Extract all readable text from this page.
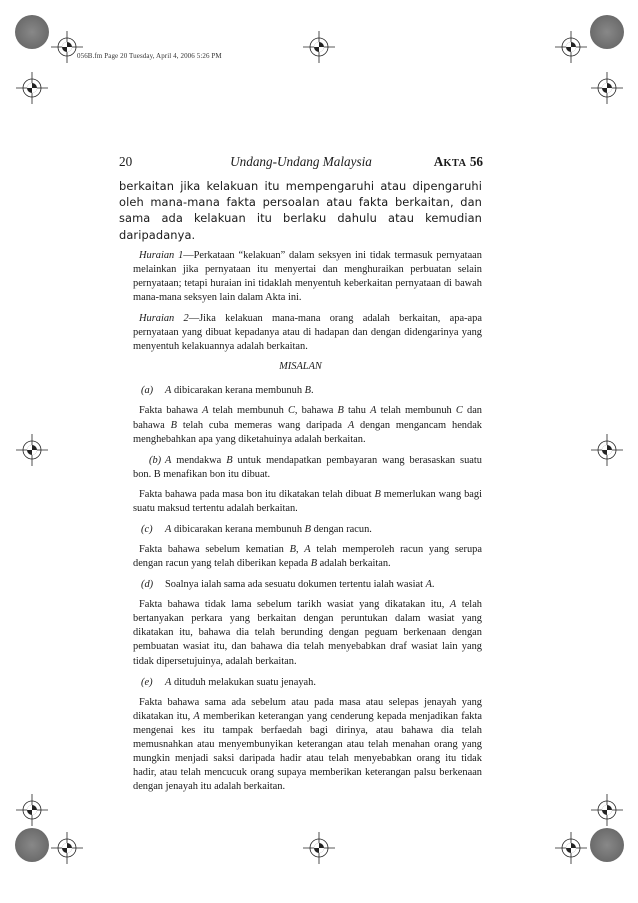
056B.fm Page 20 Tuesday, April 4, 2006 5:26 PM
20	Undang-Undang Malaysia	AKTA 56

berkaitan jika kelakuan itu mempengaruhi atau dipengaruhi oleh mana-mana fakta persoalan atau fakta berkaitan, dan sama ada kelakuan itu berlaku dahulu atau kemudian daripadanya.

Huraian 1—Perkataan “kelakuan” dalam seksyen ini tidak termasuk pernyataan melainkan jika pernyataan itu menyertai dan menghuraikan perbuatan selain pernyataan; tetapi huraian ini tidaklah menyentuh keberkaitan pernyataan di bawah mana-mana seksyen lain dalam Akta ini.

Huraian 2—Jika kelakuan mana-mana orang adalah berkaitan, apa-apa pernyataan yang dibuat kepadanya atau di hadapan dan dengan didengarinya yang menyentuh kelakuannya adalah berkaitan.

MISALAN
(a) A dibicarakan kerana membunuh B.

Fakta bahawa A telah membunuh C, bahawa B tahu A telah membunuh C dan bahawa B telah cuba memeras wang daripada A dengan mengancam hendak menghebahkan apa yang diketahuinya adalah berkaitan.

(b) A mendakwa B untuk mendapatkan pembayaran wang berasaskan suatu bon. B menafikan bon itu dibuat.

Fakta bahawa pada masa bon itu dikatakan telah dibuat B memerlukan wang bagi suatu maksud tertentu adalah berkaitan.

(c) A dibicarakan kerana membunuh B dengan racun.

Fakta bahawa sebelum kematian B, A telah memperoleh racun yang serupa dengan racun yang telah diberikan kepada B adalah berkaitan.

(d) Soalnya ialah sama ada sesuatu dokumen tertentu ialah wasiat A.

Fakta bahawa tidak lama sebelum tarikh wasiat yang dikatakan itu, A telah bertanyakan perkara yang berkaitan dengan peruntukan dalam wasiat yang dikatakan itu, bahawa dia telah berunding dengan peguam berkenaan dengan pembuatan wasiat itu, dan bahawa dia telah menyebabkan draf wasiat lain yang tidak dipersetujuinya, adalah berkaitan.

(e) A dituduh melakukan suatu jenayah.

Fakta bahawa sama ada sebelum atau pada masa atau selepas jenayah yang dikatakan itu, A memberikan keterangan yang cenderung kepada menjadikan fakta mengenai kes itu tampak berfaedah bagi dirinya, atau bahawa dia telah memusnahkan atau menyembunyikan keterangan atau telah menahan orang yang mungkin menjadi saksi daripada hadir atau telah menyebabkan orang itu tidak hadir, atau telah mencucuk orang supaya memberikan keterangan palsu berkenaan dengan jenayah itu adalah berkaitan.
